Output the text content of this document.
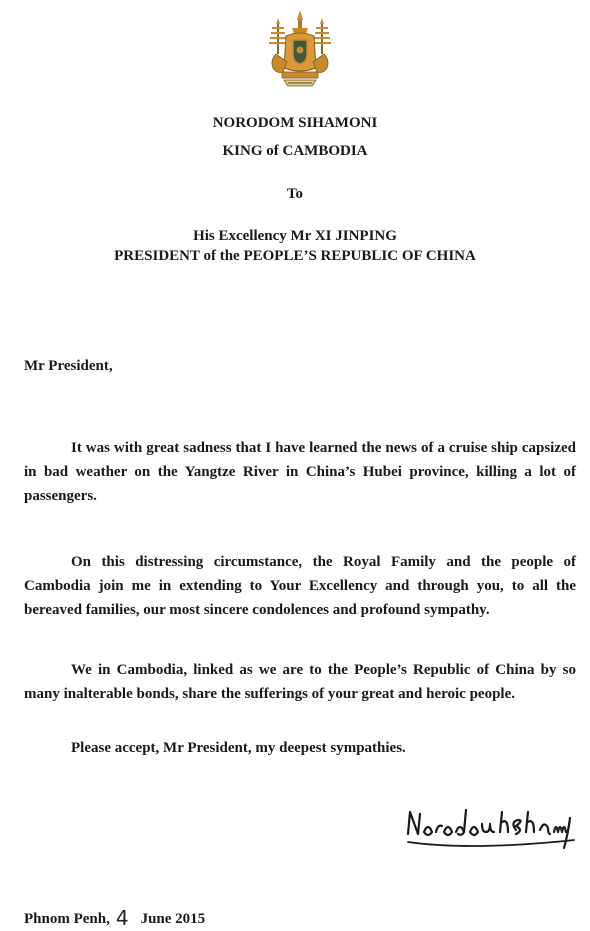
NORODOM SIHAMONI
KING of CAMBODIA
To
His Excellency Mr XI JINPING
PRESIDENT of the PEOPLE’S REPUBLIC OF CHINA
Mr President,
It was with great sadness that I have learned the news of a cruise ship capsized in bad weather on the Yangtze River in China’s Hubei province, killing a lot of passengers.
On this distressing circumstance, the Royal Family and the people of Cambodia join me in extending to Your Excellency and through you, to all the bereaved families, our most sincere condolences and profound sympathy.
We in Cambodia, linked as we are to the People’s Republic of China by so many inalterable bonds, share the sufferings of your great and heroic people.
Please accept, Mr President, my deepest sympathies.
Phnom Penh, 4 June 2015
